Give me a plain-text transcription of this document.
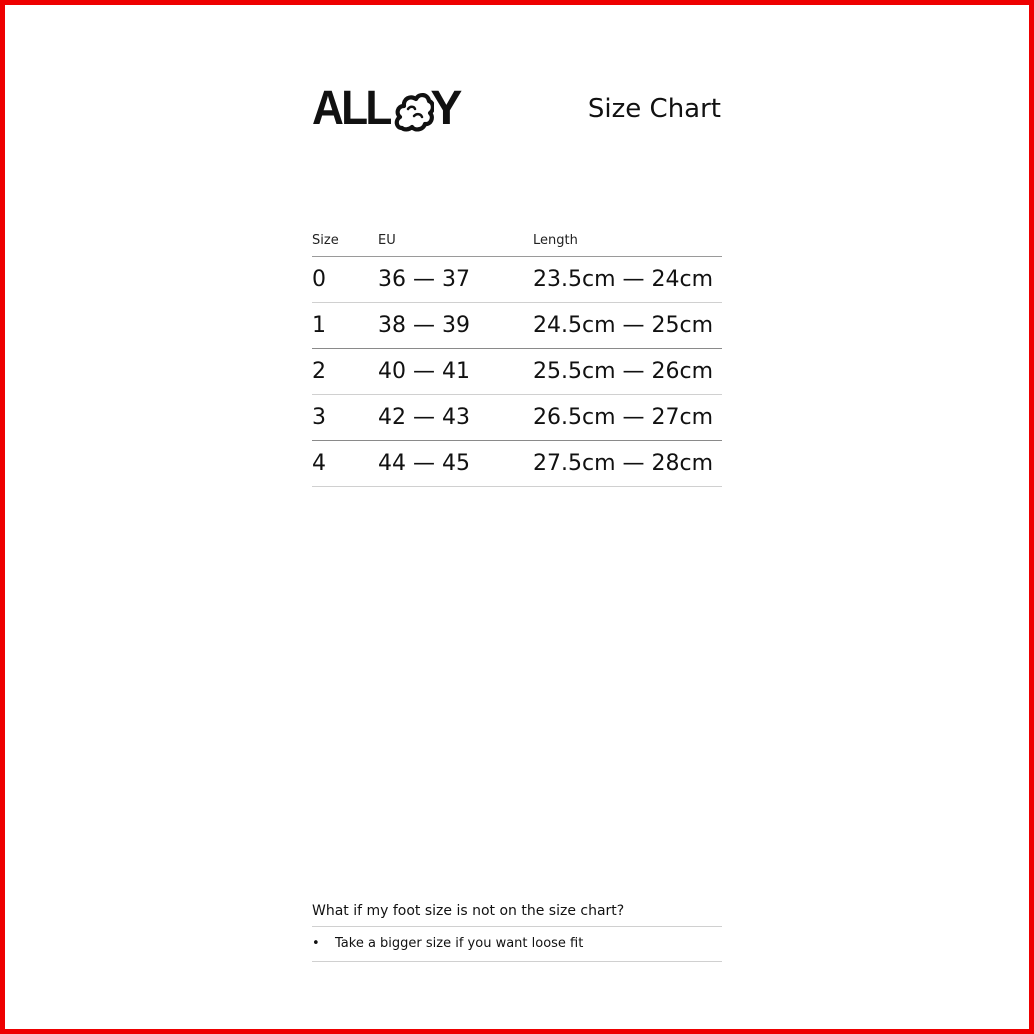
ALL Y	Size Chart
Size	EU	Length
0 36 — 37	23.5cm — 24cm
1 38 — 39	24.5cm — 25cm
2 40 — 41	25.5cm — 26cm
3 42 — 43	26.5cm — 27cm
4 44 — 45	27.5cm — 28cm
What if my foot size is not on the size chart?
•	Take a bigger size if you want loose fit
